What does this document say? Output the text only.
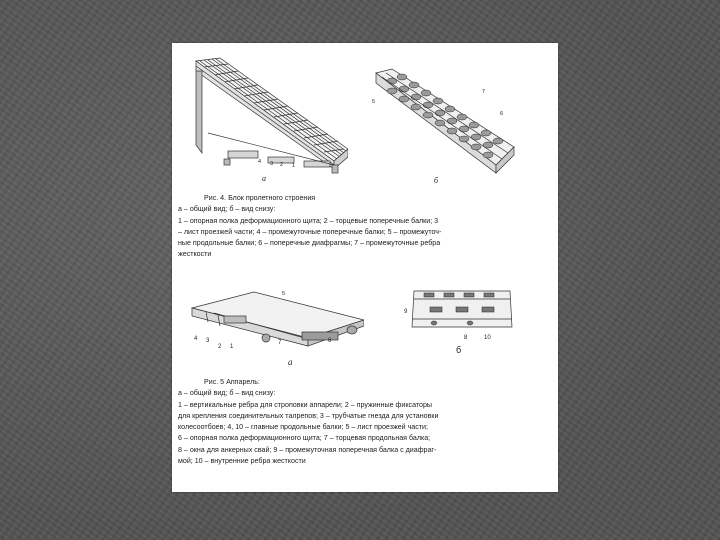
а
3 2 1
4
5
7
6
б

Рис. 4. Блок пролетного строения

а – общий вид; б – вид снизу:

1 – опорная полка деформационного щита; 2 – торцевые поперечные балки; 3

– лист проезжей части; 4 – промежуточные поперечные балки; 5 – промежуточ-

ные продольные балки; 6 – поперечные диафрагмы; 7 – промежуточные ребра

жесткости

5
4 3
2 1
7	6
а
9
8	10
б

Рис. 5 Аппарель:

а – общий вид; б – вид снизу:

1 – вертикальные ребра для строповки аппарели; 2 – пружинные фиксаторы

для крепления соединительных талрепов; 3 – трубчатые гнезда для установки

колесоотбоев; 4, 10 – главные продольные балки; 5 – лист проезжей части;

6 – опорная полка деформационного щита; 7 – торцевая продольная балка;

8 – окна для анкерных свай; 9 – промежуточная поперечная балка с диафраг-

мой; 10 – внутренние ребра жесткости
